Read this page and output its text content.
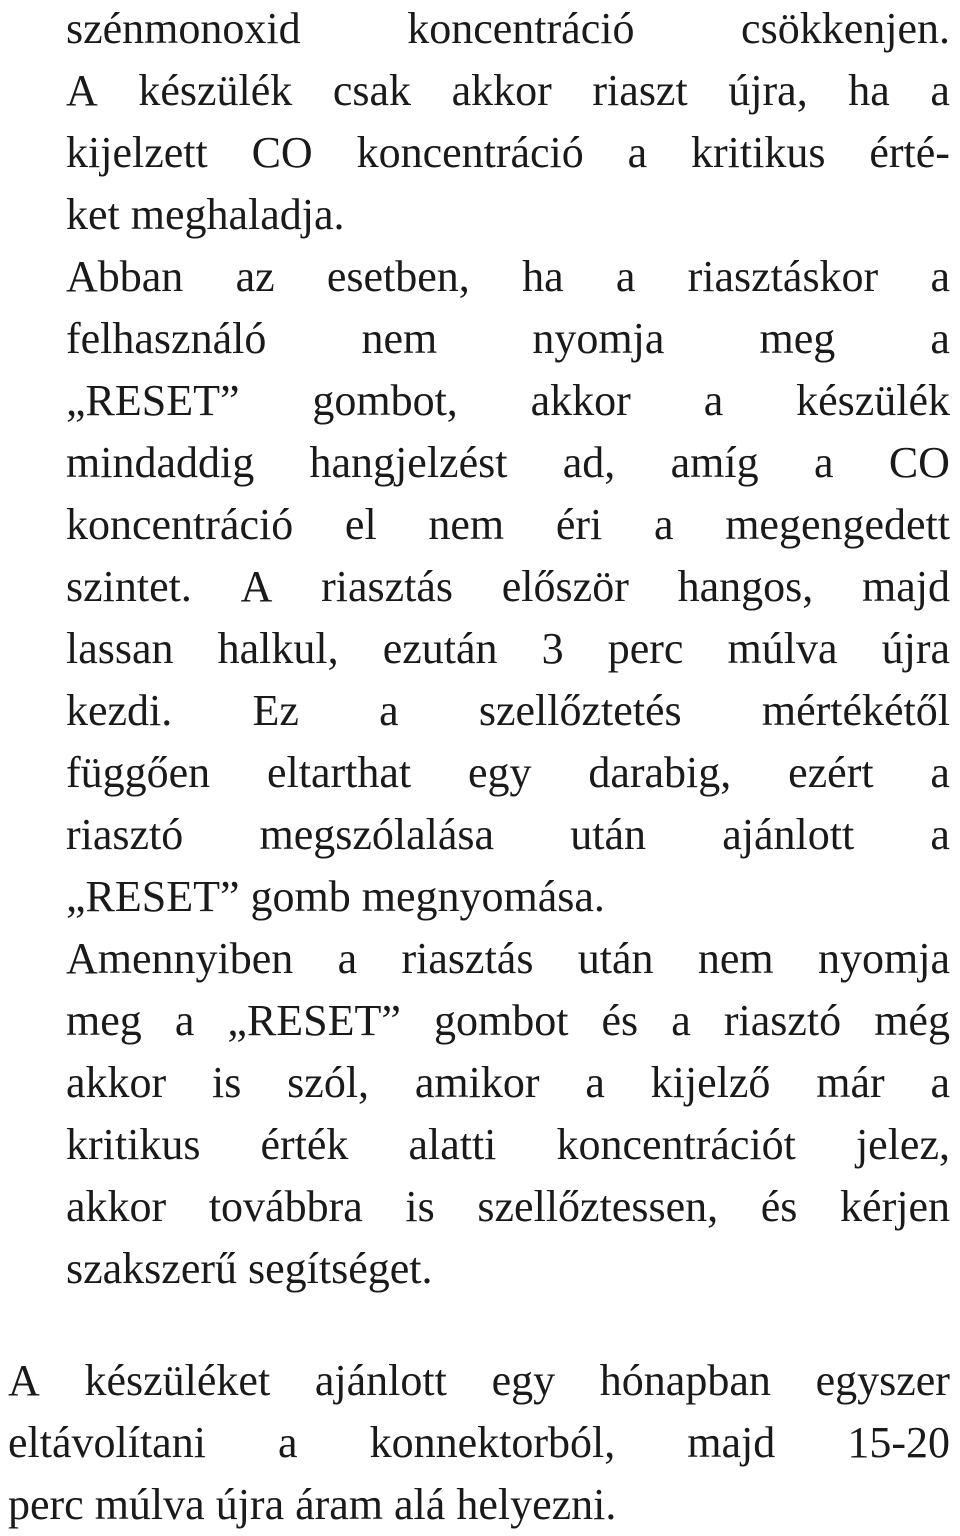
szénmonoxid koncentráció csökkenjen.
A készülék csak akkor riaszt újra, ha a
kijelzett CO koncentráció a kritikus érté-
ket meghaladja.
Abban az esetben, ha a riasztáskor a
felhasználó nem nyomja meg a
„RESET” gombot, akkor a készülék
mindaddig hangjelzést ad, amíg a CO
koncentráció el nem éri a megengedett
szintet. A riasztás először hangos, majd
lassan halkul, ezután 3 perc múlva újra
kezdi. Ez a szellőztetés mértékétől
függően eltarthat egy darabig, ezért a
riasztó megszólalása után ajánlott a
„RESET” gomb megnyomása.
Amennyiben a riasztás után nem nyomja
meg a „RESET” gombot és a riasztó még
akkor is szól, amikor a kijelző már a
kritikus érték alatti koncentrációt jelez,
akkor továbbra is szellőztessen, és kérjen
szakszerű segítséget.
A készüléket ajánlott egy hónapban egyszer
eltávolítani a konnektorból, majd 15-20
perc múlva újra áram alá helyezni.
